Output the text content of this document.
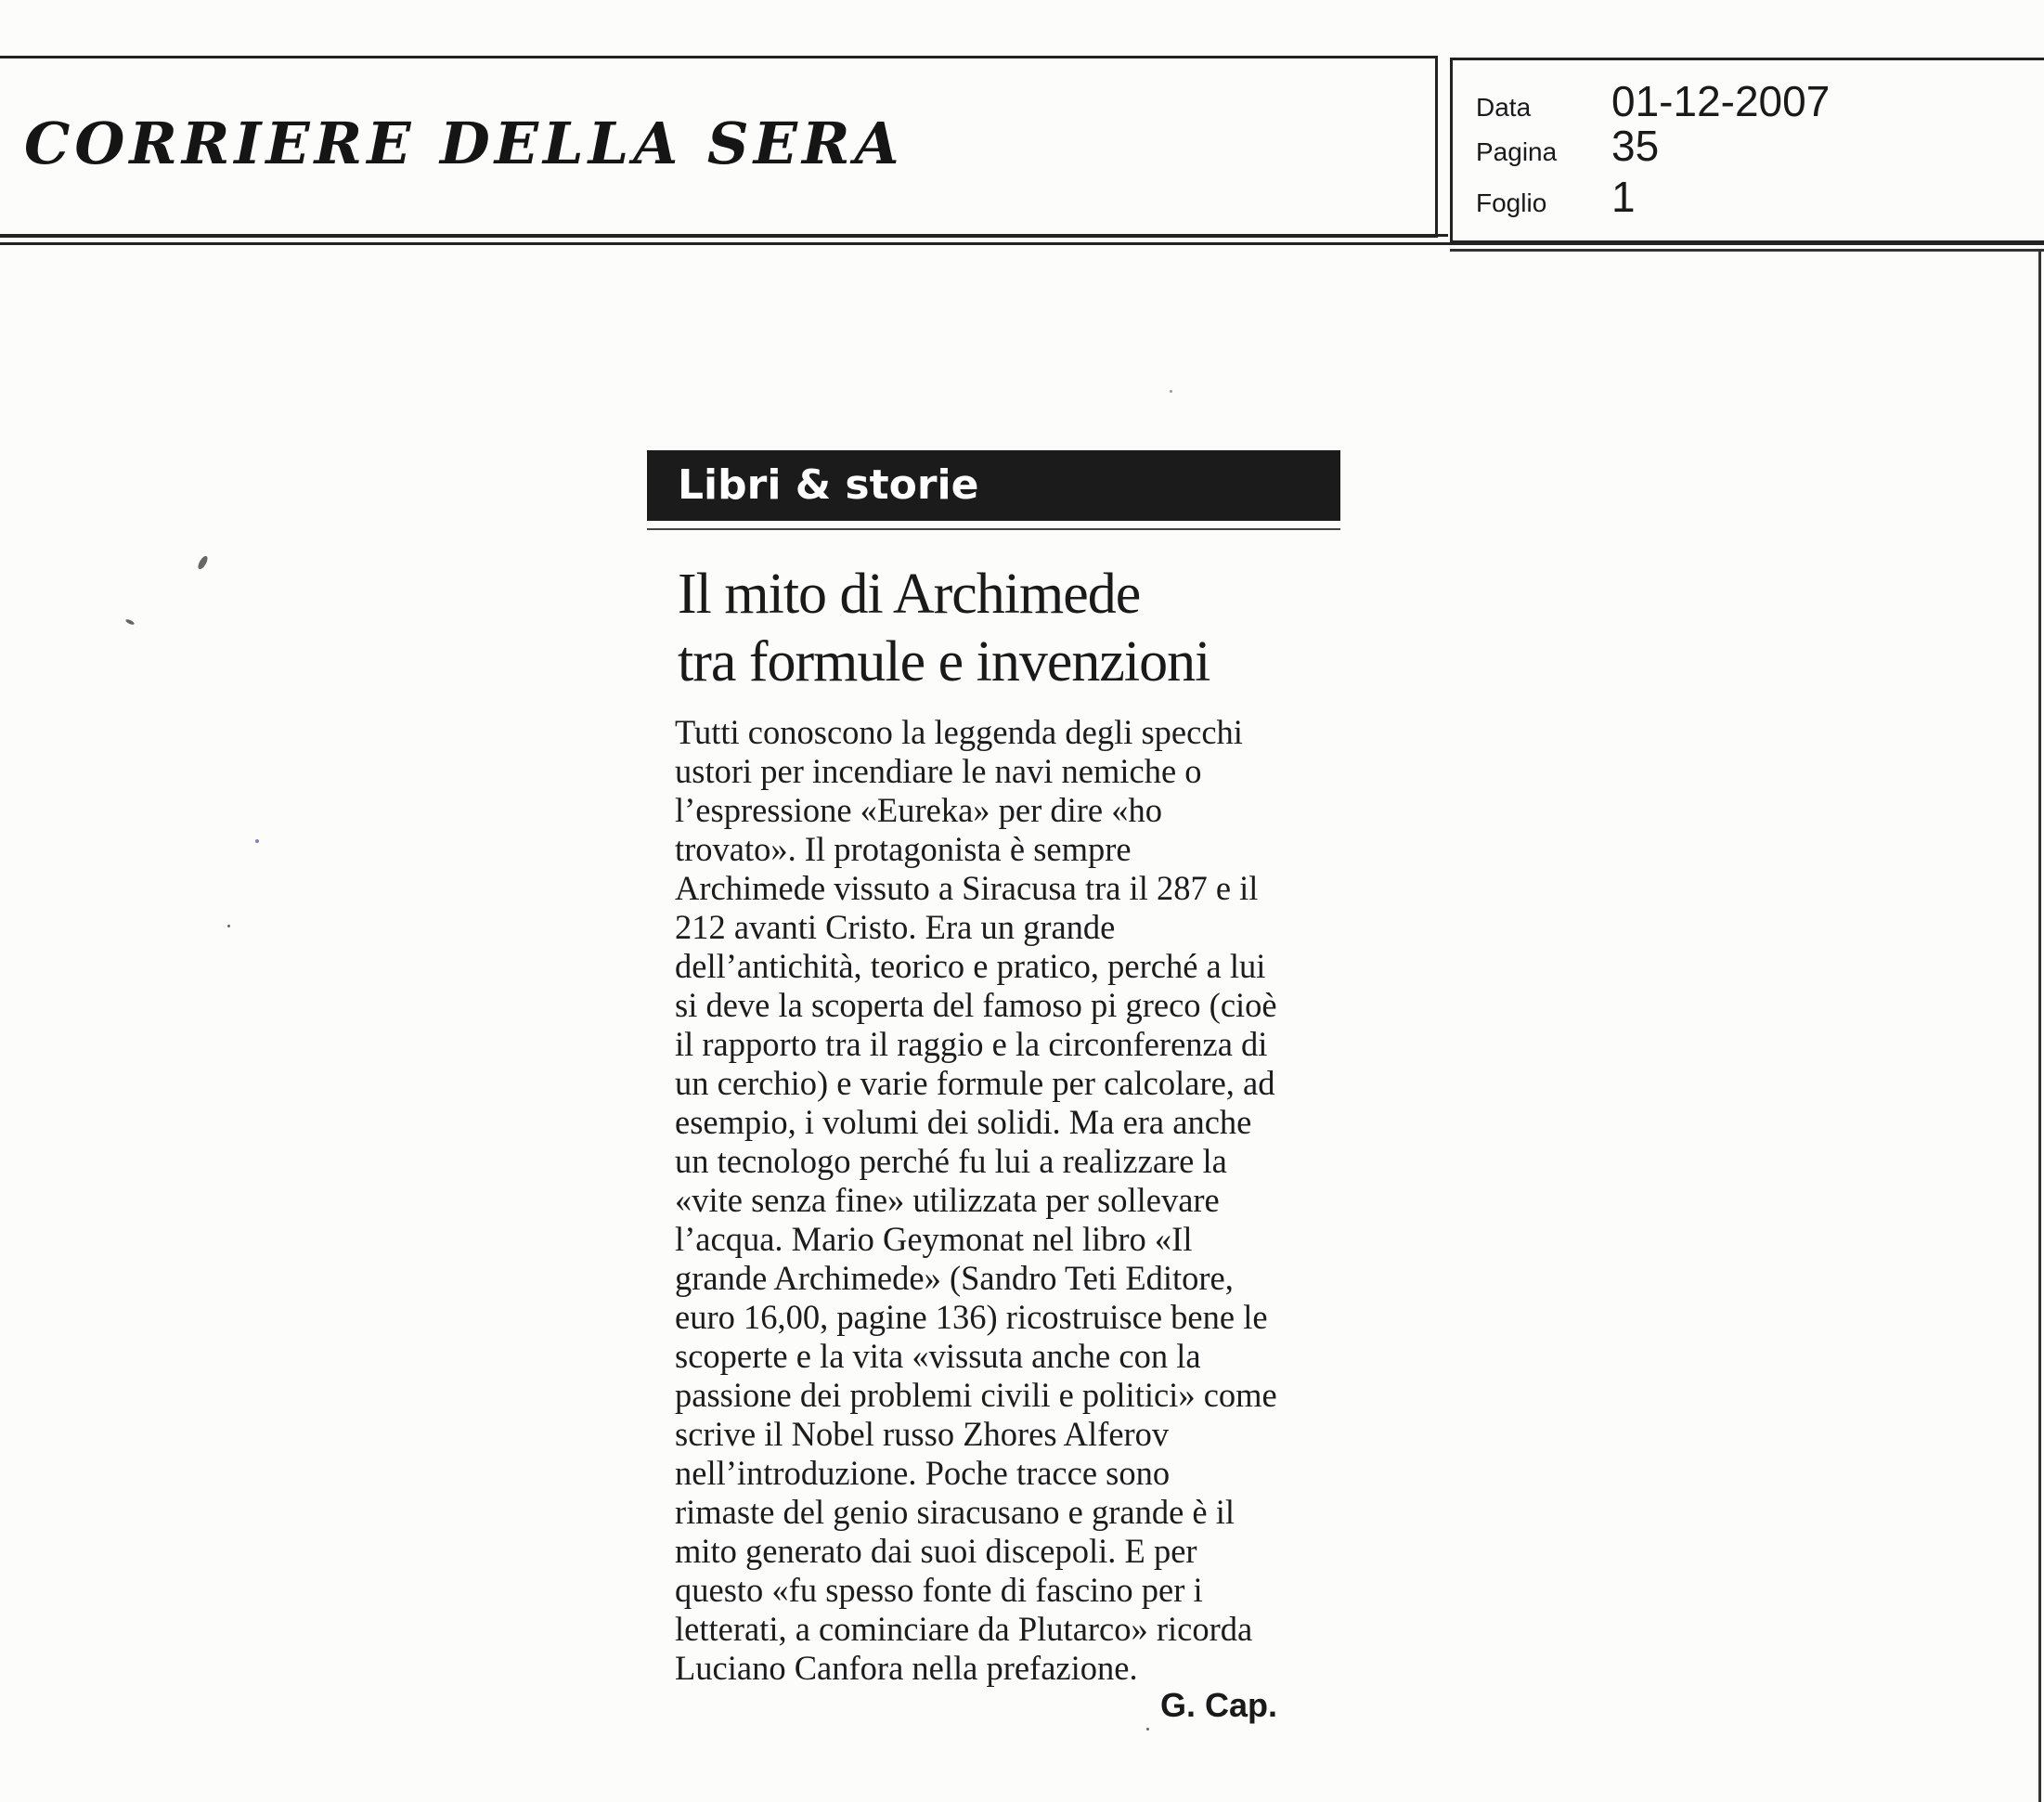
CORRIERE DELLA SERA
Data 01-12-2007
Pagina 35
Foglio 1
Libri & storie
Il mito di Archimede
tra formule e invenzioni
Tutti conoscono la leggenda degli specchi
ustori per incendiare le navi nemiche o
l’espressione «Eureka» per dire «ho
trovato». Il protagonista è sempre
Archimede vissuto a Siracusa tra il 287 e il
212 avanti Cristo. Era un grande
dell’antichità, teorico e pratico, perché a lui
si deve la scoperta del famoso pi greco (cioè
il rapporto tra il raggio e la circonferenza di
un cerchio) e varie formule per calcolare, ad
esempio, i volumi dei solidi. Ma era anche
un tecnologo perché fu lui a realizzare la
«vite senza fine» utilizzata per sollevare
l’acqua. Mario Geymonat nel libro «Il
grande Archimede» (Sandro Teti Editore,
euro 16,00, pagine 136) ricostruisce bene le
scoperte e la vita «vissuta anche con la
passione dei problemi civili e politici» come
scrive il Nobel russo Zhores Alferov
nell’introduzione. Poche tracce sono
rimaste del genio siracusano e grande è il
mito generato dai suoi discepoli. E per
questo «fu spesso fonte di fascino per i
letterati, a cominciare da Plutarco» ricorda
Luciano Canfora nella prefazione.
G. Cap.
